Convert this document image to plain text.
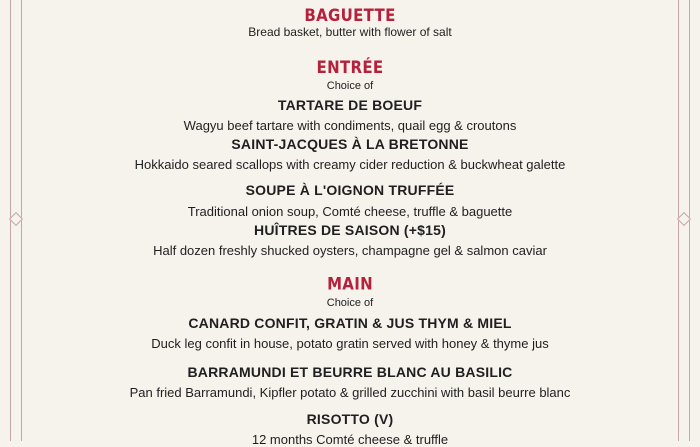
BAGUETTE
Bread basket, butter with flower of salt
ENTRÉE
Choice of
TARTARE DE BOEUF
Wagyu beef tartare with condiments, quail egg & croutons
SAINT-JACQUES À LA BRETONNE
Hokkaido seared scallops with creamy cider reduction & buckwheat galette
SOUPE À L'OIGNON TRUFFÉE
Traditional onion soup, Comté cheese, truffle & baguette
HUÎTRES DE SAISON (+$15)
Half dozen freshly shucked oysters, champagne gel & salmon caviar
MAIN
Choice of
CANARD CONFIT, GRATIN & JUS THYM & MIEL
Duck leg confit in house, potato gratin served with honey & thyme jus
BARRAMUNDI ET BEURRE BLANC AU BASILIC
Pan fried Barramundi, Kipfler potato & grilled zucchini with basil beurre blanc
RISOTTO (V)
12 months Comté cheese & truffle
